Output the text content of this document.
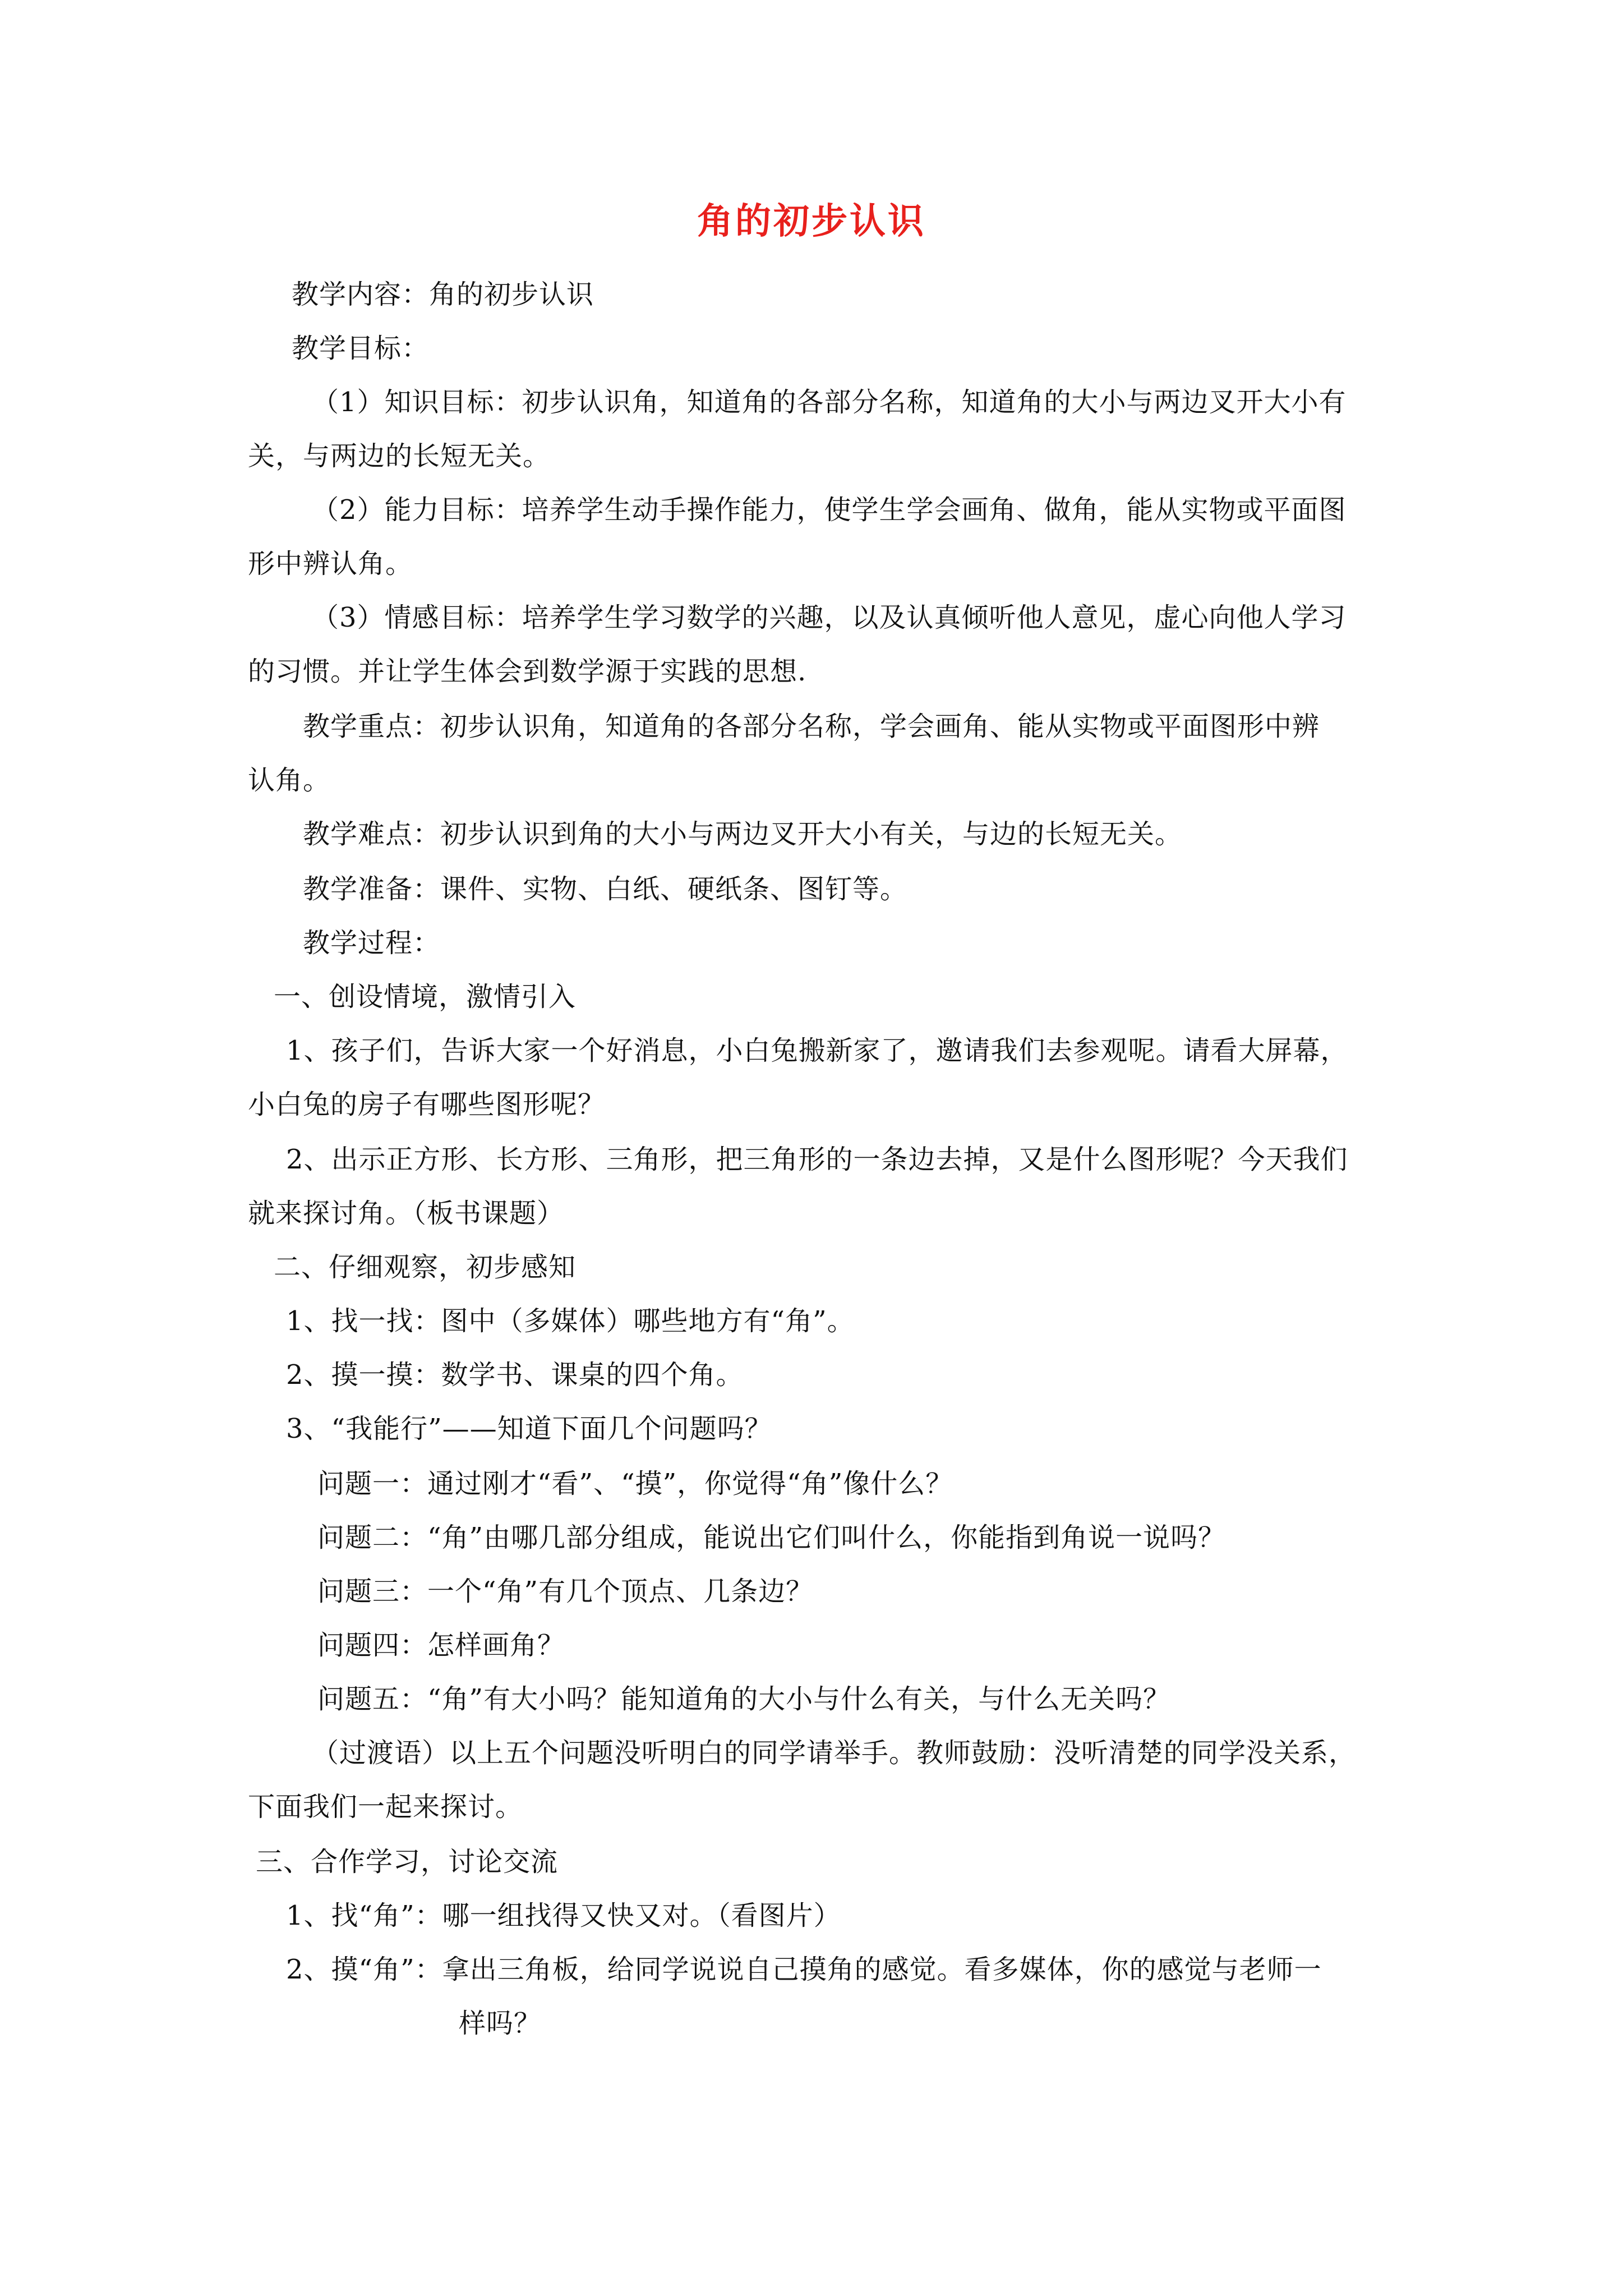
角的初步认识
教学内容：角的初步认识
教学目标：
（1）知识目标：初步认识角，知道角的各部分名称，知道角的大小与两边叉开大小有
关，与两边的长短无关。
（2）能力目标：培养学生动手操作能力，使学生学会画角、做角，能从实物或平面图
形中辨认角。
（3）情感目标：培养学生学习数学的兴趣，以及认真倾听他人意见，虚心向他人学习
的习惯。并让学生体会到数学源于实践的思想.
教学重点：初步认识角，知道角的各部分名称，学会画角、能从实物或平面图形中辨
认角。
教学难点：初步认识到角的大小与两边叉开大小有关，与边的长短无关。
教学准备：课件、实物、白纸、硬纸条、图钉等。
教学过程：
一、创设情境，激情引入
1、孩子们，告诉大家一个好消息，小白兔搬新家了，邀请我们去参观呢。请看大屏幕，
小白兔的房子有哪些图形呢？
2、出示正方形、长方形、三角形，把三角形的一条边去掉，又是什么图形呢？今天我们
就来探讨角。（板书课题）
二、仔细观察，初步感知
1、找一找：图中（多媒体）哪些地方有“角”。
2、摸一摸：数学书、课桌的四个角。
3、“我能行”——知道下面几个问题吗？
问题一：通过刚才“看”、“摸”，你觉得“角”像什么？
问题二：“角”由哪几部分组成，能说出它们叫什么，你能指到角说一说吗？
问题三：一个“角”有几个顶点、几条边？
问题四：怎样画角？
问题五：“角”有大小吗？能知道角的大小与什么有关，与什么无关吗？
（过渡语）以上五个问题没听明白的同学请举手。教师鼓励：没听清楚的同学没关系，
下面我们一起来探讨。
三、合作学习，讨论交流
1、找“角”：哪一组找得又快又对。（看图片）
2、摸“角”：拿出三角板，给同学说说自己摸角的感觉。看多媒体，你的感觉与老师一
样吗？
